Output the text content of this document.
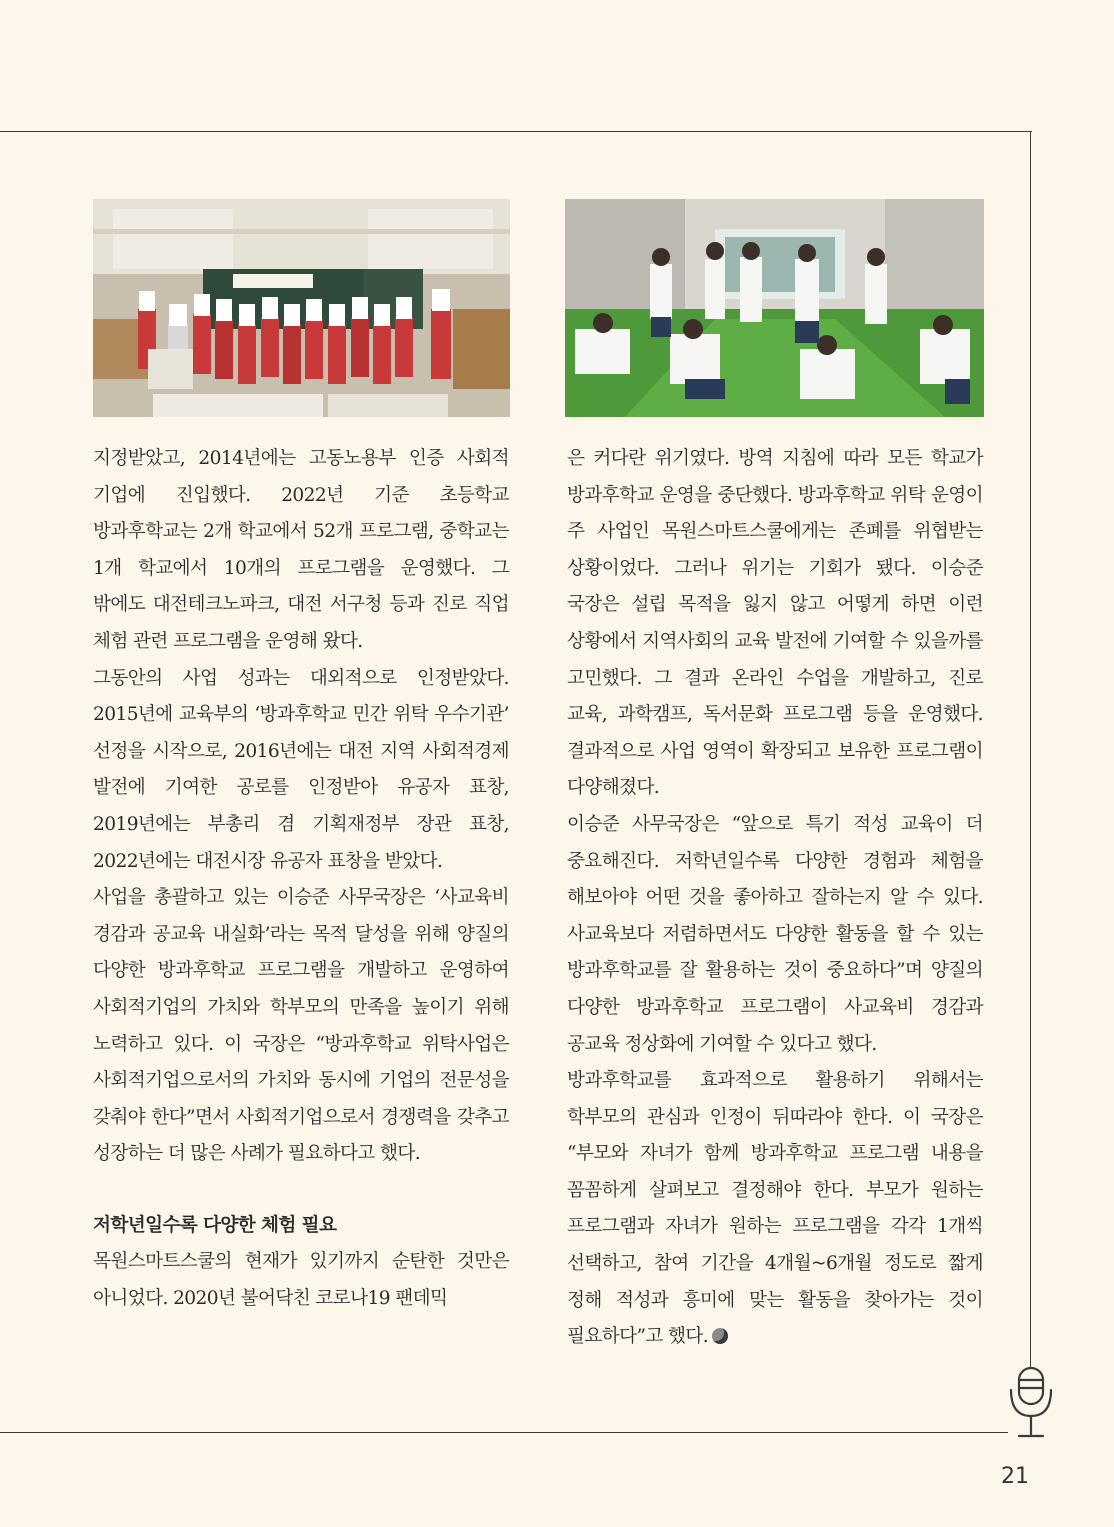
지정받았고, 2014년에는 고동노용부 인증 사회적 기업에 진입했다. 2022년 기준 초등학교 방과후학교는 2개 학교에서 52개 프로그램, 중학교는 1개 학교에서 10개의 프로그램을 운영했다. 그 밖에도 대전테크노파크, 대전 서구청 등과 진로 직업 체험 관련 프로그램을 운영해 왔다.

그동안의 사업 성과는 대외적으로 인정받았다. 2015년에 교육부의 ‘방과후학교 민간 위탁 우수기관’ 선정을 시작으로, 2016년에는 대전 지역 사회적경제 발전에 기여한 공로를 인정받아 유공자 표창, 2019년에는 부총리 겸 기획재정부 장관 표창, 2022년에는 대전시장 유공자 표창을 받았다.

사업을 총괄하고 있는 이승준 사무국장은 ‘사교육비 경감과 공교육 내실화’라는 목적 달성을 위해 양질의 다양한 방과후학교 프로그램을 개발하고 운영하여 사회적기업의 가치와 학부모의 만족을 높이기 위해 노력하고 있다. 이 국장은 “방과후학교 위탁사업은 사회적기업으로서의 가치와 동시에 기업의 전문성을 갖춰야 한다”면서 사회적기업으로서 경쟁력을 갖추고 성장하는 더 많은 사례가 필요하다고 했다.

저학년일수록 다양한 체험 필요

목원스마트스쿨의 현재가 있기까지 순탄한 것만은 아니었다. 2020년 불어닥친 코로나19 팬데믹

은 커다란 위기였다. 방역 지침에 따라 모든 학교가 방과후학교 운영을 중단했다. 방과후학교 위탁 운영이 주 사업인 목원스마트스쿨에게는 존폐를 위협받는 상황이었다. 그러나 위기는 기회가 됐다. 이승준 국장은 설립 목적을 잃지 않고 어떻게 하면 이런 상황에서 지역사회의 교육 발전에 기여할 수 있을까를 고민했다. 그 결과 온라인 수업을 개발하고, 진로 교육, 과학캠프, 독서문화 프로그램 등을 운영했다. 결과적으로 사업 영역이 확장되고 보유한 프로그램이 다양해졌다.

이승준 사무국장은 “앞으로 특기 적성 교육이 더 중요해진다. 저학년일수록 다양한 경험과 체험을 해보아야 어떤 것을 좋아하고 잘하는지 알 수 있다. 사교육보다 저렴하면서도 다양한 활동을 할 수 있는 방과후학교를 잘 활용하는 것이 중요하다”며 양질의 다양한 방과후학교 프로그램이 사교육비 경감과 공교육 정상화에 기여할 수 있다고 했다.

방과후학교를 효과적으로 활용하기 위해서는 학부모의 관심과 인정이 뒤따라야 한다. 이 국장은 “부모와 자녀가 함께 방과후학교 프로그램 내용을 꼼꼼하게 살펴보고 결정해야 한다. 부모가 원하는 프로그램과 자녀가 원하는 프로그램을 각각 1개씩 선택하고, 참여 기간을 4개월~6개월 정도로 짧게 정해 적성과 흥미에 맞는 활동을 찾아가는 것이 필요하다”고 했다.

21
